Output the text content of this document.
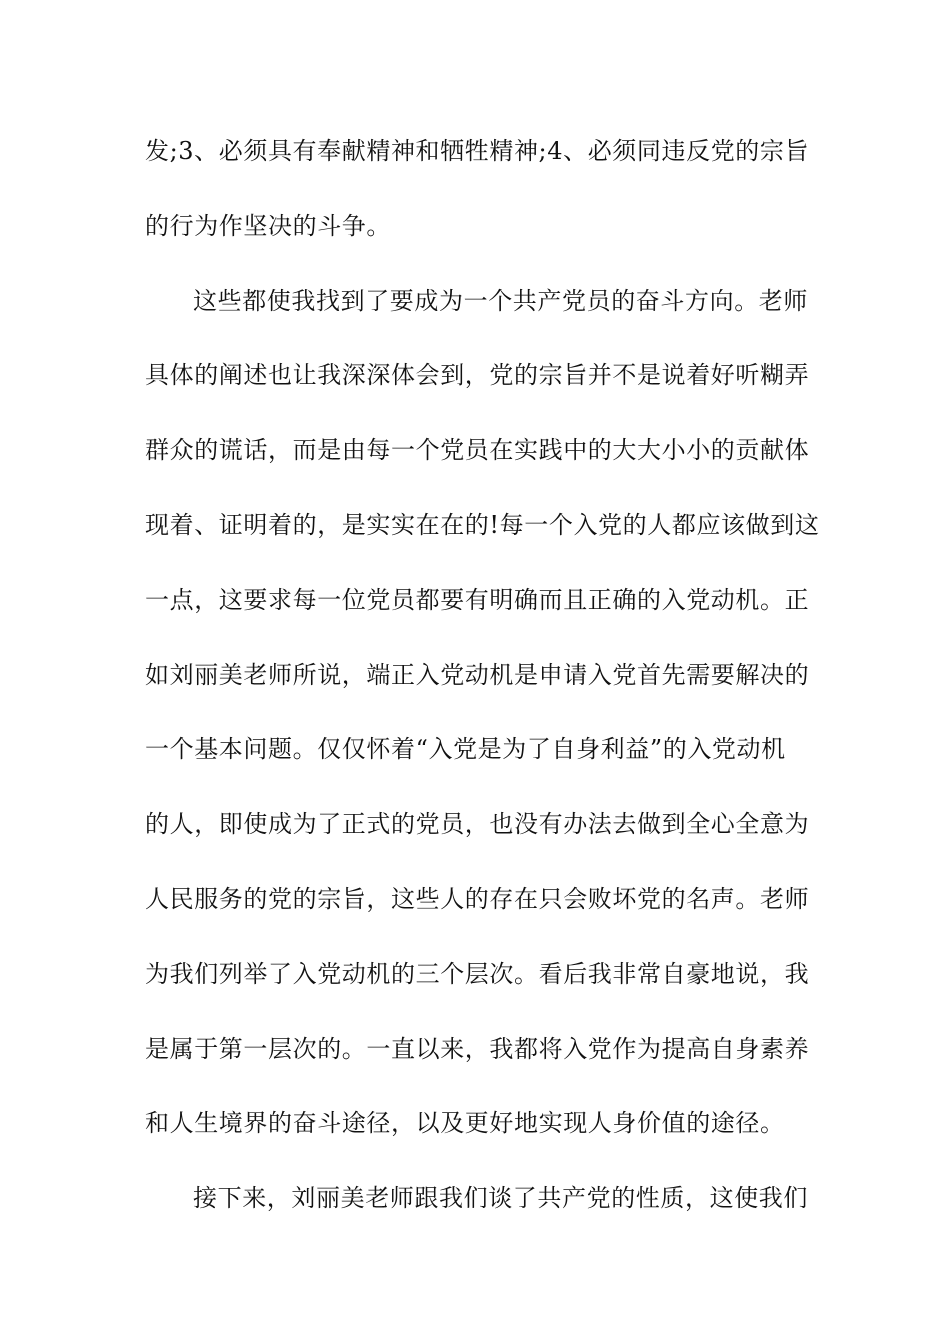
发;3、必须具有奉献精神和牺牲精神;4、必须同违反党的宗旨
的行为作坚决的斗争。
这些都使我找到了要成为一个共产党员的奋斗方向。老师
具体的阐述也让我深深体会到，党的宗旨并不是说着好听糊弄
群众的谎话，而是由每一个党员在实践中的大大小小的贡献体
现着、证明着的，是实实在在的!每一个入党的人都应该做到这
一点，这要求每一位党员都要有明确而且正确的入党动机。正
如刘丽美老师所说，端正入党动机是申请入党首先需要解决的
一个基本问题。仅仅怀着“入党是为了自身利益”的入党动机
的人，即使成为了正式的党员，也没有办法去做到全心全意为
人民服务的党的宗旨，这些人的存在只会败坏党的名声。老师
为我们列举了入党动机的三个层次。看后我非常自豪地说，我
是属于第一层次的。一直以来，我都将入党作为提高自身素养
和人生境界的奋斗途径，以及更好地实现人身价值的途径。
接下来，刘丽美老师跟我们谈了共产党的性质，这使我们
